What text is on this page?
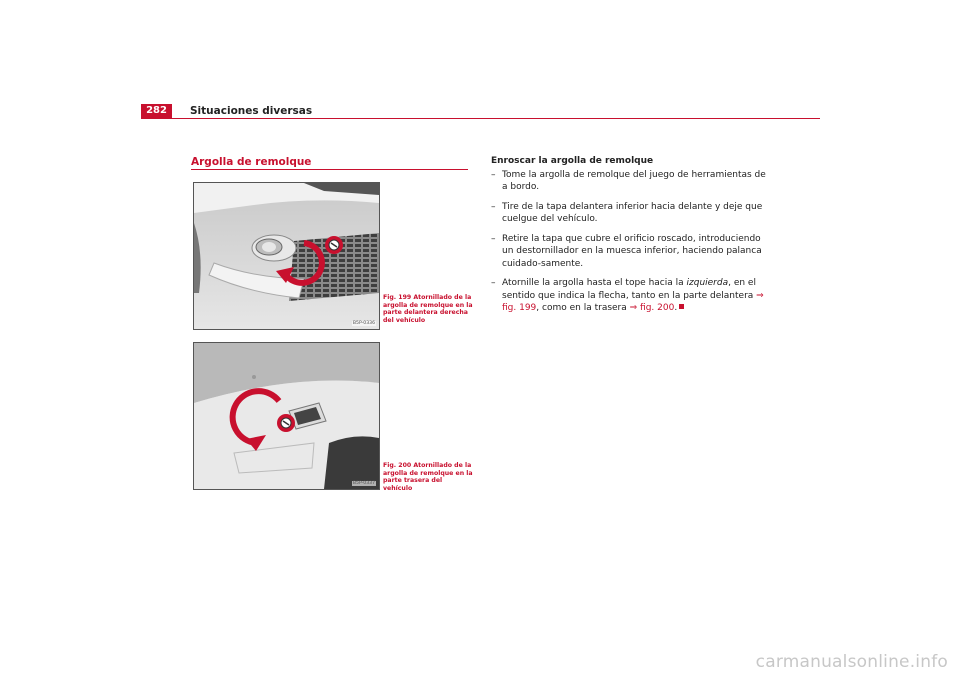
282	Situaciones diversas
Argolla de remolque
B5P-0336
Fig. 199 Atornillado de la argolla de remolque en la parte delantera derecha del vehículo
B5P-0337
Fig. 200 Atornillado de la argolla de remolque en la parte trasera del vehículo
Enroscar la argolla de remolque
– Tome la argolla de remolque del juego de herramientas de a bordo.
– Tire de la tapa delantera inferior hacia delante y deje que cuelgue del vehículo.
– Retire la tapa que cubre el orificio roscado, introduciendo un destornillador en la muesca inferior, haciendo palanca cuidado-samente.
– Atornille la argolla hasta el tope hacia la izquierda, en el sentido que indica la flecha, tanto en la parte delantera ⇒ fig. 199, como en la trasera ⇒ fig. 200.
carmanualsonline.info
